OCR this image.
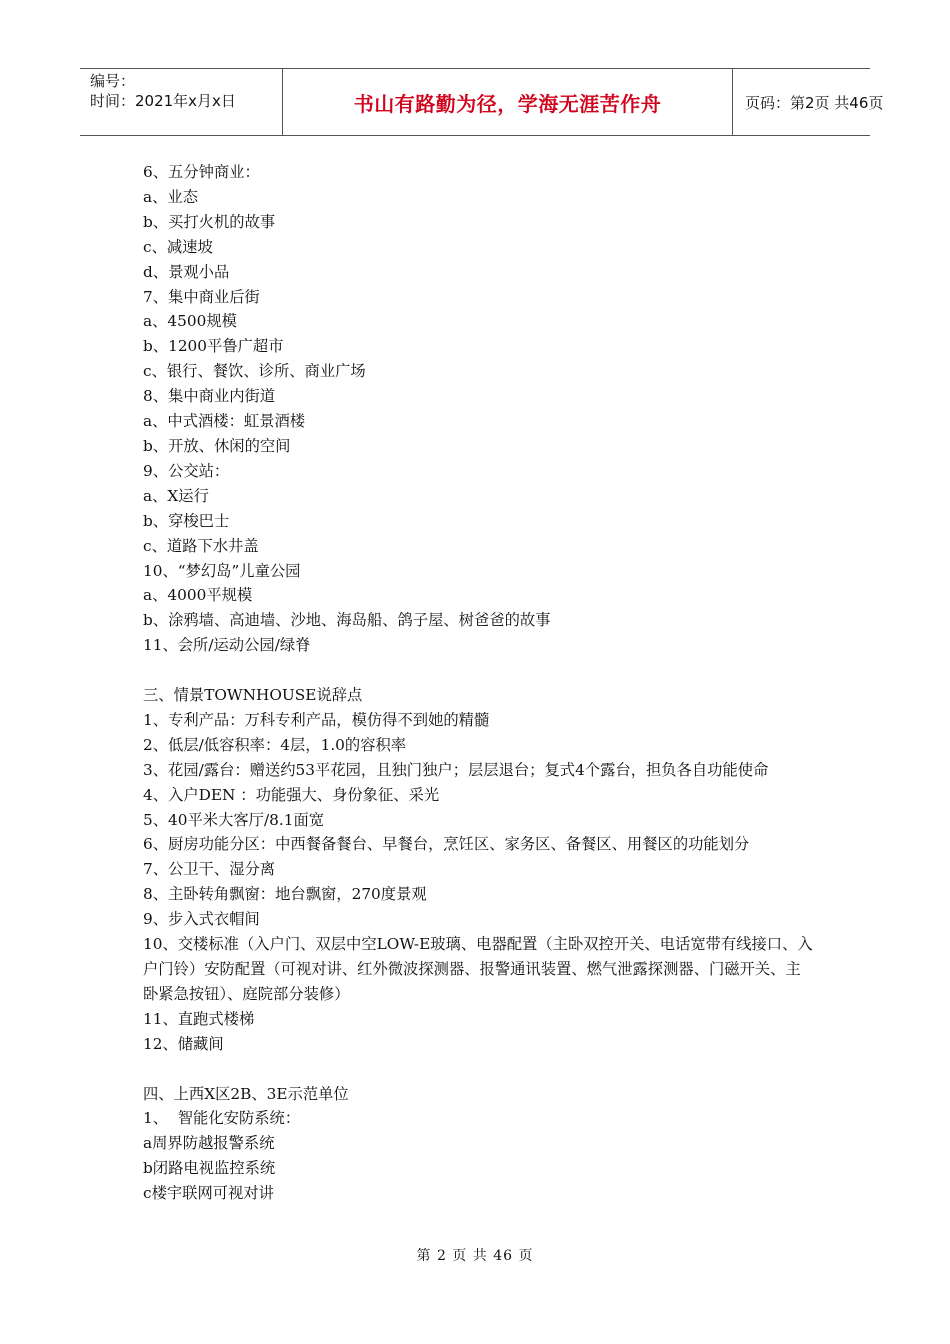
编号：
时间：2021年x月x日	书山有路勤为径，学海无涯苦作舟	页码：第2页 共46页
6、五分钟商业：
a、业态
b、买打火机的故事
c、减速坡
d、景观小品
7、集中商业后街
a、4500规模
b、1200平鲁广超市
c、银行、餐饮、诊所、商业广场
8、集中商业内街道
a、中式酒楼：虹景酒楼
b、开放、休闲的空间
9、公交站：
a、X运行
b、穿梭巴士
c、道路下水井盖
10、“梦幻岛”儿童公园
a、4000平规模
b、涂鸦墙、高迪墙、沙地、海岛船、鸽子屋、树爸爸的故事
11、会所/运动公园/绿脊
三、情景TOWNHOUSE说辞点
1、专利产品：万科专利产品，模仿得不到她的精髓
2、低层/低容积率：4层，1.0的容积率
3、花园/露台：赠送约53平花园，且独门独户；层层退台；复式4个露台，担负各自功能使命
4、入户DEN ：功能强大、身份象征、采光
5、40平米大客厅/8.1面宽
6、厨房功能分区：中西餐备餐台、早餐台，烹饪区、家务区、备餐区、用餐区的功能划分
7、公卫干、湿分离
8、主卧转角飘窗：地台飘窗，270度景观
9、步入式衣帽间
10、交楼标准（入户门、双层中空LOW-E玻璃、电器配置（主卧双控开关、电话宽带有线接口、入户门铃）安防配置（可视对讲、红外微波探测器、报警通讯装置、燃气泄露探测器、门磁开关、主卧紧急按钮）、庭院部分装修）
11、直跑式楼梯
12、储藏间
四、上西X区2B、3E示范单位
1、  智能化安防系统：
a周界防越报警系统
b闭路电视监控系统
c楼宇联网可视对讲
第 2 页 共 46 页
